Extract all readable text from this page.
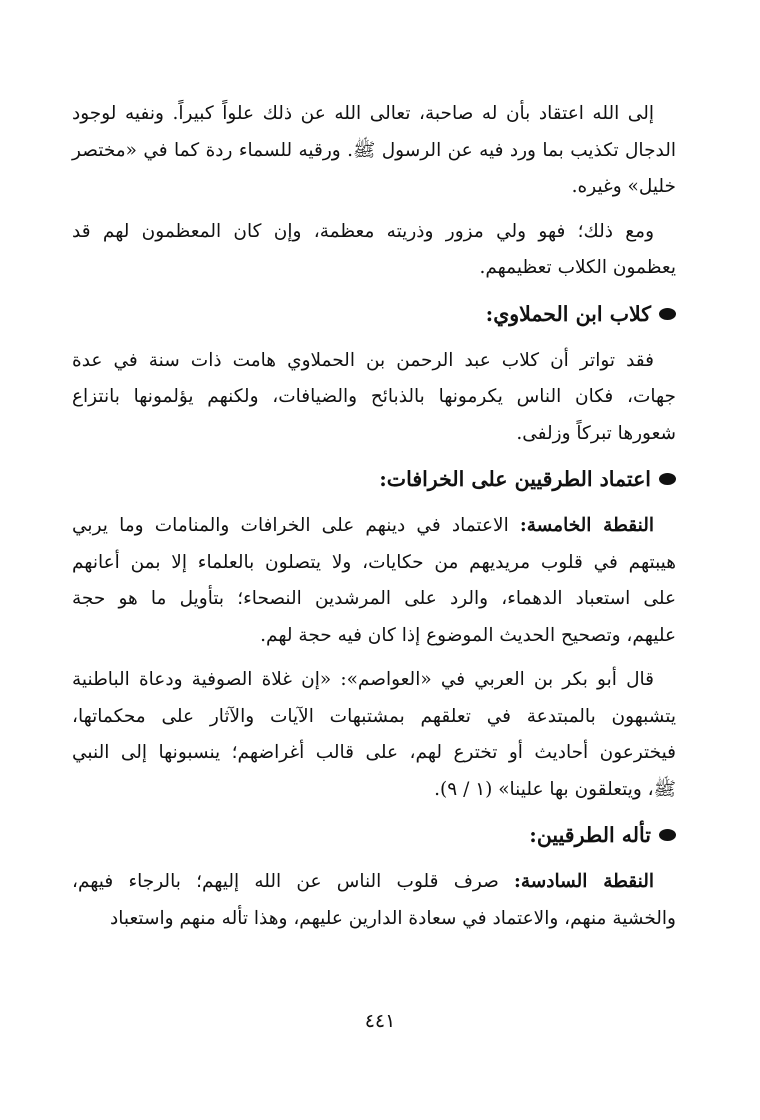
إلى الله اعتقاد بأن له صاحبة، تعالى الله عن ذلك علواً كبيراً. ونفيه لوجود

الدجال تكذيب بما ورد فيه عن الرسول ﷺ. ورقيه للسماء ردة كما في «مختصر

خليل» وغيره.

ومع ذلك؛ فهو ولي مزور وذريته معظمة، وإن كان المعظمون لهم قد

يعظمون الكلاب تعظيمهم.

كلاب ابن الحملاوي:

فقد تواتر أن كلاب عبد الرحمن بن الحملاوي هامت ذات سنة في عدة

جهات، فكان الناس يكرمونها بالذبائح والضيافات، ولكنهم يؤلمونها بانتزاع

شعورها تبركاً وزلفى.

اعتماد الطرقيين على الخرافات:

النقطة الخامسة: الاعتماد في دينهم على الخرافات والمنامات وما يربي

هيبتهم في قلوب مريديهم من حكايات، ولا يتصلون بالعلماء إلا بمن أعانهم

على استعباد الدهماء، والرد على المرشدين النصحاء؛ بتأويل ما هو حجة

عليهم، وتصحيح الحديث الموضوع إذا كان فيه حجة لهم.

قال أبو بكر بن العربي في «العواصم»: «إن غلاة الصوفية ودعاة الباطنية

يتشبهون بالمبتدعة في تعلقهم بمشتبهات الآيات والآثار على محكماتها،

فيخترعون أحاديث أو تخترع لهم، على قالب أغراضهم؛ ينسبونها إلى النبي

ﷺ، ويتعلقون بها علينا» (١ / ٩).

تأله الطرقيين:

النقطة السادسة: صرف قلوب الناس عن الله إليهم؛ بالرجاء فيهم،

والخشية منهم، والاعتماد في سعادة الدارين عليهم، وهذا تأله منهم واستعباد

٤٤١
